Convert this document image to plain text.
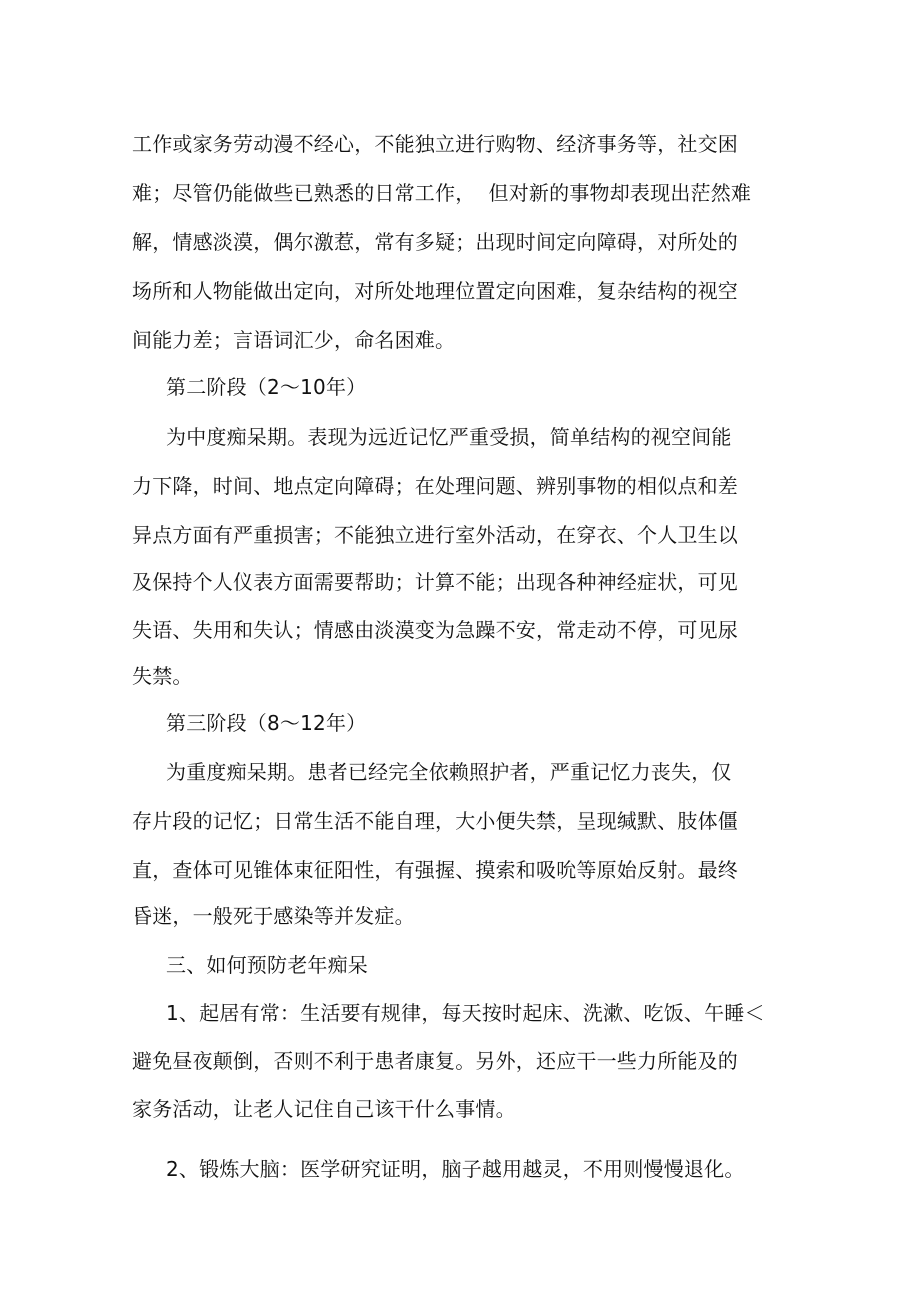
工作或家务劳动漫不经心，不能独立进行购物、经济事务等，社交困
难；尽管仍能做些已熟悉的日常工作，  但对新的事物却表现出茫然难
解，情感淡漠，偶尔激惹，常有多疑；出现时间定向障碍，对所处的
场所和人物能做出定向，对所处地理位置定向困难，复杂结构的视空
间能力差；言语词汇少，命名困难。
第二阶段（2～10年）
为中度痴呆期。表现为远近记忆严重受损，简单结构的视空间能
力下降，时间、地点定向障碍；在处理问题、辨别事物的相似点和差
异点方面有严重损害；不能独立进行室外活动，在穿衣、个人卫生以
及保持个人仪表方面需要帮助；计算不能；出现各种神经症状，可见
失语、失用和失认；情感由淡漠变为急躁不安，常走动不停，可见尿
失禁。
第三阶段（8～12年）
为重度痴呆期。患者已经完全依赖照护者，严重记忆力丧失，仅
存片段的记忆；日常生活不能自理，大小便失禁，呈现缄默、肢体僵
直，查体可见锥体束征阳性，有强握、摸索和吸吮等原始反射。最终
昏迷，一般死于感染等并发症。
三、如何预防老年痴呆
1、起居有常：生活要有规律，每天按时起床、洗漱、吃饭、午睡＜
避免昼夜颠倒，否则不利于患者康复。另外，还应干一些力所能及的
家务活动，让老人记住自己该干什么事情。
2、锻炼大脑：医学研究证明，脑子越用越灵，不用则慢慢退化。
